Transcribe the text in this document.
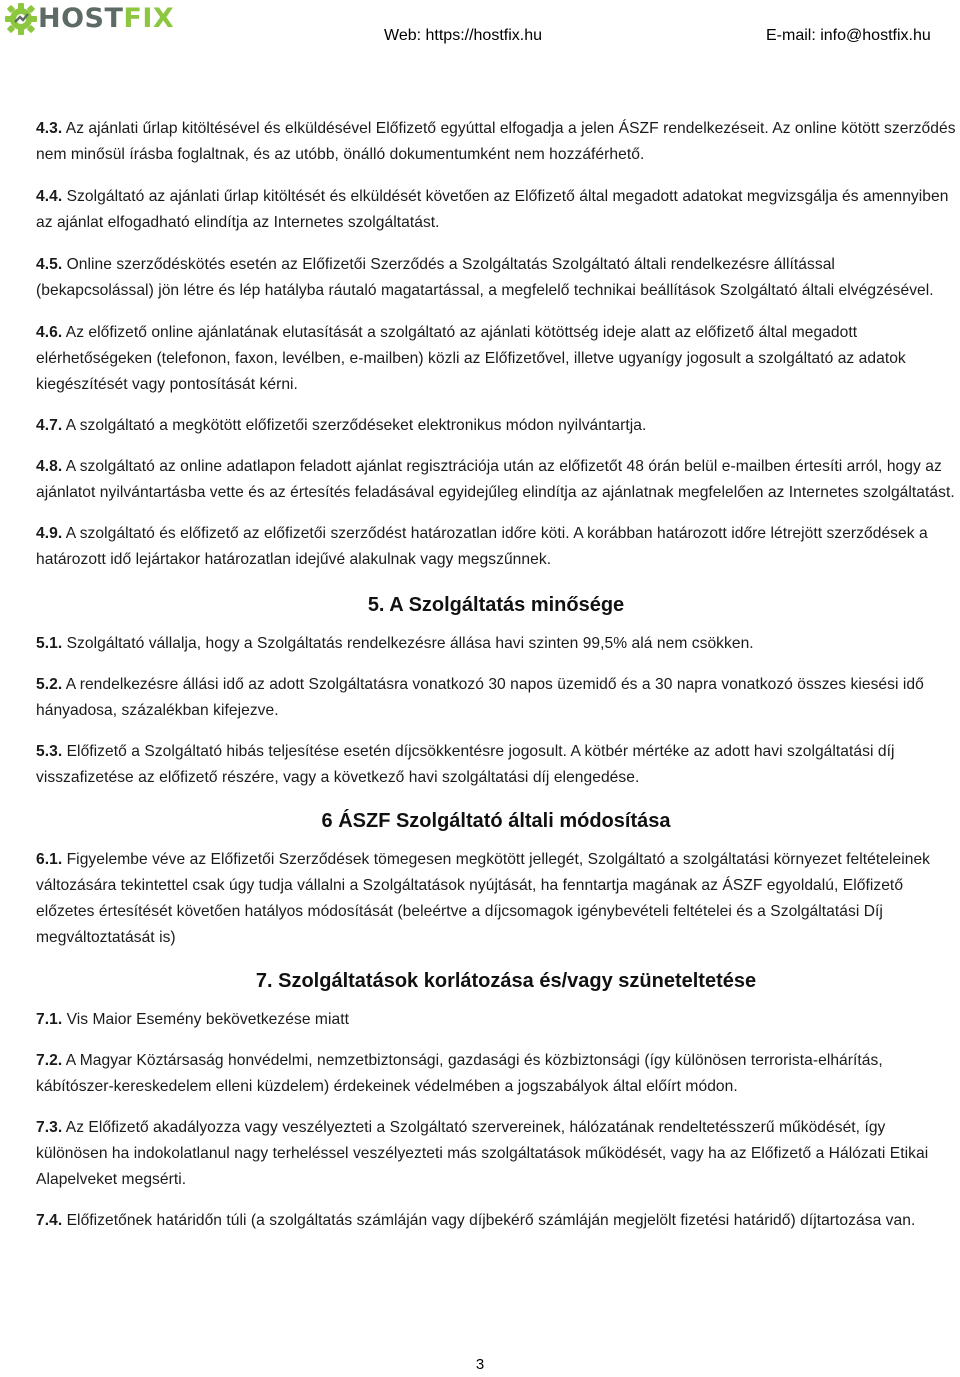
HOSTFIX
Web: https://hostfix.hu	E-mail: info@hostfix.hu

4.3. Az ajánlati űrlap kitöltésével és elküldésével Előfizető egyúttal elfogadja a jelen ÁSZF rendelkezéseit. Az online kötött szerződés nem minősül írásba foglaltnak, és az utóbb, önálló dokumentumként nem hozzáférhető.

4.4. Szolgáltató az ajánlati űrlap kitöltését és elküldését követően az Előfizető által megadott adatokat megvizsgálja és amennyiben az ajánlat elfogadható elindítja az Internetes szolgáltatást.

4.5. Online szerződéskötés esetén az Előfizetői Szerződés a Szolgáltatás Szolgáltató általi rendelkezésre állítással (bekapcsolással) jön létre és lép hatályba ráutaló magatartással, a megfelelő technikai beállítások Szolgáltató általi elvégzésével.

4.6. Az előfizető online ajánlatának elutasítását a szolgáltató az ajánlati kötöttség ideje alatt az előfizető által megadott elérhetőségeken (telefonon, faxon, levélben, e-mailben) közli az Előfizetővel, illetve ugyanígy jogosult a szolgáltató az adatok kiegészítését vagy pontosítását kérni.

4.7. A szolgáltató a megkötött előfizetői szerződéseket elektronikus módon nyilvántartja.

4.8. A szolgáltató az online adatlapon feladott ajánlat regisztrációja után az előfizetőt 48 órán belül e-mailben értesíti arról, hogy az ajánlatot nyilvántartásba vette és az értesítés feladásával egyidejűleg elindítja az ajánlatnak megfelelően az Internetes szolgáltatást.

4.9. A szolgáltató és előfizető az előfizetői szerződést határozatlan időre köti. A korábban határozott időre létrejött szerződések a határozott idő lejártakor határozatlan idejűvé alakulnak vagy megszűnnek.

5. A Szolgáltatás minősége

5.1. Szolgáltató vállalja, hogy a Szolgáltatás rendelkezésre állása havi szinten 99,5% alá nem csökken.

5.2. A rendelkezésre állási idő az adott Szolgáltatásra vonatkozó 30 napos üzemidő és a 30 napra vonatkozó összes kiesési idő hányadosa, százalékban kifejezve.

5.3. Előfizető a Szolgáltató hibás teljesítése esetén díjcsökkentésre jogosult. A kötbér mértéke az adott havi szolgáltatási díj visszafizetése az előfizető részére, vagy a következő havi szolgáltatási díj elengedése.

6 ÁSZF Szolgáltató általi módosítása

6.1. Figyelembe véve az Előfizetői Szerződések tömegesen megkötött jellegét, Szolgáltató a szolgáltatási környezet feltételeinek változására tekintettel csak úgy tudja vállalni a Szolgáltatások nyújtását, ha fenntartja magának az ÁSZF egyoldalú, Előfizető előzetes értesítését követően hatályos módosítását (beleértve a díjcsomagok igénybevételi feltételei és a Szolgáltatási Díj megváltoztatását is)

7. Szolgáltatások korlátozása és/vagy szüneteltetése

7.1. Vis Maior Esemény bekövetkezése miatt

7.2. A Magyar Köztársaság honvédelmi, nemzetbiztonsági, gazdasági és közbiztonsági (így különösen terrorista-elhárítás, kábítószer-kereskedelem elleni küzdelem) érdekeinek védelmében a jogszabályok által előírt módon.

7.3. Az Előfizető akadályozza vagy veszélyezteti a Szolgáltató szervereinek, hálózatának rendeltetésszerű működését, így különösen ha indokolatlanul nagy terheléssel veszélyezteti más szolgáltatások működését, vagy ha az Előfizető a Hálózati Etikai Alapelveket megsérti.

7.4. Előfizetőnek határidőn túli (a szolgáltatás számláján vagy díjbekérő számláján megjelölt fizetési határidő) díjtartozása van.

3
